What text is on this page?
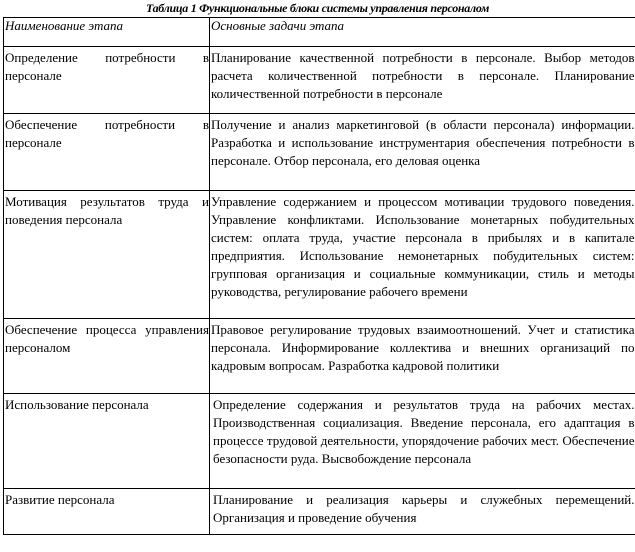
Таблица 1 Функциональные блоки системы управления персоналом
Наименование этапа	Основные задачи этапа
Определение потребности в персонале	Планирование качественной потребности в персонале. Выбор методов расчета количественной потребности в персонале. Планирование количественной потребности в персонале
Обеспечение потребности в персонале	Получение и анализ маркетинговой (в области персонала) информации. Разработка и использование инструментария обеспечения потребности в персонале. Отбор персонала, его деловая оценка
Мотивация результатов труда и поведения персонала	Управление содержанием и процессом мотивации трудового поведения. Управление конфликтами. Использование монетарных побудительных систем: оплата труда, участие персонала в прибылях и в капитале предприятия. Использование немонетарных побудительных систем: групповая организация и социальные коммуникации, стиль и методы руководства, регулирование рабочего времени
Обеспечение процесса управления персоналом	Правовое регулирование трудовых взаимоотношений. Учет и статистика персонала. Информирование коллектива и внешних организаций по кадровым вопросам. Разработка кадровой политики
Использование персонала	Определение содержания и результатов труда на рабочих местах. Производственная социализация. Введение персонала, его адаптация в процессе трудовой деятельности, упорядочение рабочих мест. Обеспечение безопасности руда. Высвобождение персонала
Развитие персонала	Планирование и реализация карьеры и служебных перемещений. Организация и проведение обучения
